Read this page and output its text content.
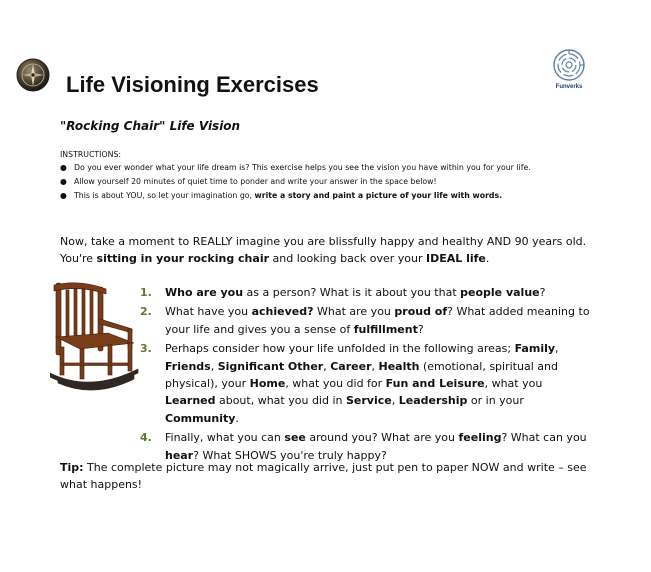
Life Visioning Exercises	Funverks
"Rocking Chair" Life Vision
INSTRUCTIONS:
● Do you ever wonder what your life dream is? This exercise helps you see the vision you have within you for your life.
● Allow yourself 20 minutes of quiet time to ponder and write your answer in the space below!
● This is about YOU, so let your imagination go, write a story and paint a picture of your life with words.

Now, take a moment to REALLY imagine you are blissfully happy and healthy AND 90 years old. You're sitting in your rocking chair and looking back over your IDEAL life.

1. Who are you as a person? What is it about you that people value?
2. What have you achieved? What are you proud of? What added meaning to your life and gives you a sense of fulfillment?
3. Perhaps consider how your life unfolded in the following areas; Family, Friends, Significant Other, Career, Health (emotional, spiritual and physical), your Home, what you did for Fun and Leisure, what you Learned about, what you did in Service, Leadership or in your Community.
4. Finally, what you can see around you? What are you feeling? What can you hear? What SHOWS you're truly happy?

Tip: The complete picture may not magically arrive, just put pen to paper NOW and write – see what happens!
